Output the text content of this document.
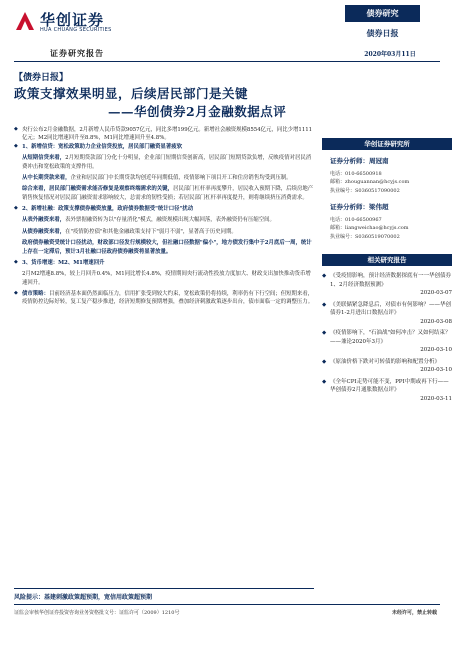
华创证券
HUA CHUANG SECURITIES
证券研究报告
债券研究
债券日报
2020年03月11日
【债券日报】
政策支撑效果明显，后续居民部门是关键
——华创债券2月金融数据点评
◆ 央行公布2月金融数据，2月新增人民币贷款9057亿元，同比多增199亿元。新增社会融资规模8554亿元，同比少增1111亿元；M2同比增速回升至8.8%，M1同比增速回升至4.8%。
◆ 1、新增信贷：宽松政策助力企业信贷投放，居民部门融资显著疲软

从短期信贷来看，2月短期贷款部门分化十分明显，企业部门短期信贷创新高，居民部门短期贷款负增，反映疫情对居民消费冲击和宽松政策的支撑作用。

从中长期贷款来看，企业和居民部门中长期贷款均创近年同期低值，疫情影响下项目开工和住房销售均受到压制。

综合来看，居民部门融资需求能否修复是观察终端需求的关键，居民部门杠杆率再度攀升，居民收入预期下降，后续房地产销售恢复情况对居民部门融资需求影响较大，总需求的韧性受损；若居民部门杠杆率再度提升，则将继续挤压消费需求。

◆ 2、新增社融：政策支撑债券融资放量，政府债券数据受"统计口径"扰动

从表外融资来看，表外票据融资转为以"存量消化"模式，融资规模出现大幅回落，表外融资仍有压缩空间。

从债券融资来看，在"疫情防控债"和其他金融政策支持下"弱月不弱"，显著高于历史同期。

政府债券融资受统计口径扰动，财政部口径发行规模较大，但社融口径数据"偏小"，地方债发行集中于2月底后一周，统计上存在一定滞后，预计3月社融口径政府债券融资将显著放量。

◆ 3、货币增速：M2、M1增速回升

2月M2增速8.8%，较上月回升0.4%，M1同比增长4.8%，疫情期间央行流动性投放力度加大、财政支出加快推动货币增速回升。

◆ 债市策略：目前经济基本面仍然面临压力，信用扩张受到较大约束，宽松政策仍将持续，利率仍有下行空间；但短期来看，疫情防控边际好转，复工复产稳步推进，经济短期修复预期增强，叠加经济刺激政策逐步出台，债市面临一定的调整压力。

风险提示：基建刺激政策超预期，宽信用政策超预期
华创证券研究所
证券分析师：周冠南
电话：010-66500918
邮箱：zhouguannan@hcyjs.com
执业编号：S0360517090002
证券分析师：梁伟超
电话：010-66500967
邮箱：liangweichao@hcyjs.com
执业编号：S0360519070002
相关研究报告
◆ 《受疫情影响，预计经济数据探底有一一华创债券1、2月经济数据预测》
2020-03-07
◆ 《美联储紧急降息后，对债市有何影响？——华创债券1-2月进出口数据点评》
2020-03-08
◆ 《疫情影响下，"石油战"如何冲击？又如何结束？——兼论2020年3月》
2020-03-10
◆ 《原油价格下跌对可转债的影响和配置分析》
2020-03-10
◆ 《全年CPI走势可能不变，PPI中期或再下行——华创债券2月通胀数据点评》
2020-03-11
证监会审核华创证券投资咨询业务资格批文号：证监许可（2009）1210号	未经许可，禁止转载
